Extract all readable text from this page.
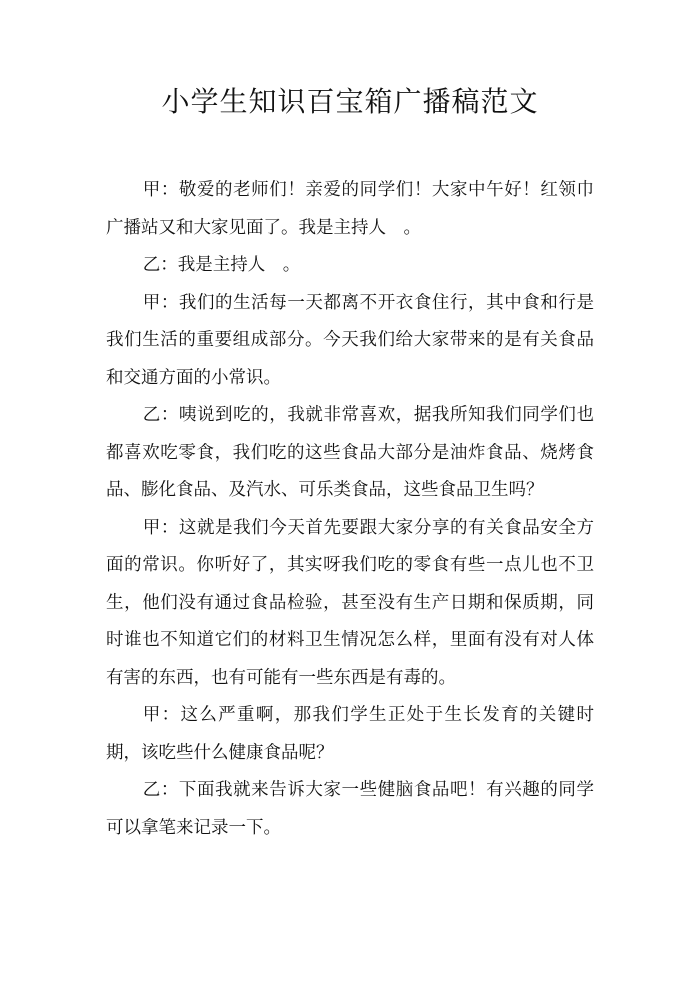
小学生知识百宝箱广播稿范文

甲：敬爱的老师们！亲爱的同学们！大家中午好！红领巾广播站又和大家见面了。我是主持人　。

乙：我是主持人　。

甲：我们的生活每一天都离不开衣食住行，其中食和行是我们生活的重要组成部分。今天我们给大家带来的是有关食品和交通方面的小常识。

乙：咦说到吃的，我就非常喜欢，据我所知我们同学们也都喜欢吃零食，我们吃的这些食品大部分是油炸食品、烧烤食品、膨化食品、及汽水、可乐类食品，这些食品卫生吗？

甲：这就是我们今天首先要跟大家分享的有关食品安全方面的常识。你听好了，其实呀我们吃的零食有些一点儿也不卫生，他们没有通过食品检验，甚至没有生产日期和保质期，同时谁也不知道它们的材料卫生情况怎么样，里面有没有对人体有害的东西，也有可能有一些东西是有毒的。

甲：这么严重啊，那我们学生正处于生长发育的关键时期，该吃些什么健康食品呢？

乙：下面我就来告诉大家一些健脑食品吧！有兴趣的同学可以拿笔来记录一下。
